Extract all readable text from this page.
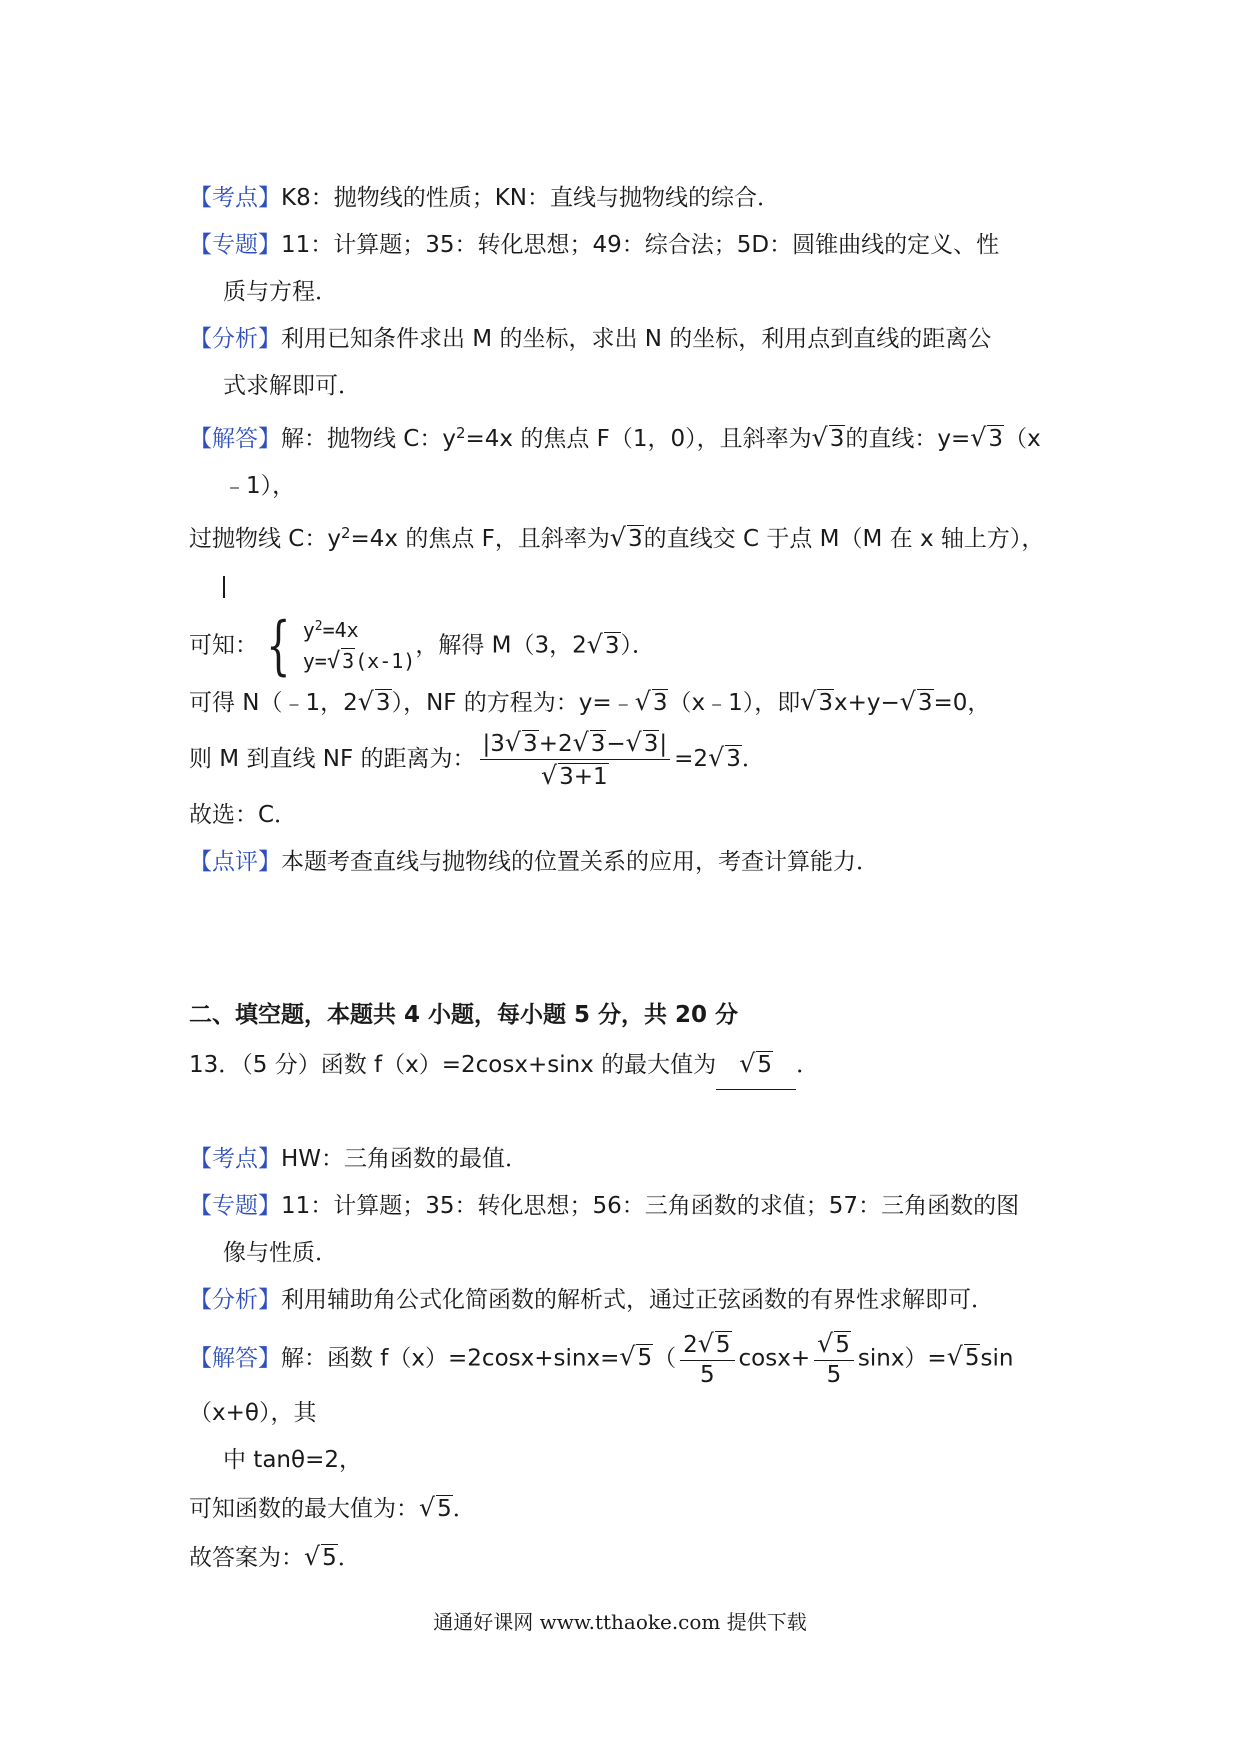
【考点】K8：抛物线的性质；KN：直线与抛物线的综合．
【专题】11：计算题；35：转化思想；49：综合法；5D：圆锥曲线的定义、性
质与方程．
【分析】利用已知条件求出 M 的坐标，求出 N 的坐标，利用点到直线的距离公
式求解即可．
【解答】解：抛物线 C：$y^2=4x$ 的焦点 F（1，0），且斜率为√3的直线：y=√3（x
﹣1），
过抛物线 C：$y^2=4x$ 的焦点 F，且斜率为√3的直线交 C 于点 M（M 在 x 轴上方），
可知： { $y^2=4x$
y=√ 3(x-1)
，解得 M（3，2√3）．
可得 N（﹣1，2√3），NF 的方程为：y=﹣√3（x﹣1），即√3x+y−√3=0，
则 M 到直线 NF 的距离为： $\frac{|3√3+2√3-√3|}{√3+1} =2√3$．
故选：C．
【点评】本题考查直线与抛物线的位置关系的应用，考查计算能力．
二、填空题，本题共 4 小题，每小题 5 分，共 20 分
13．（5 分）函数 f（x）=2cosx+sinx 的最大值为 √5 ．
【考点】HW：三角函数的最值．
【专题】11：计算题；35：转化思想；56：三角函数的求值；57：三角函数的图
像与性质．
【分析】利用辅助角公式化简函数的解析式，通过正弦函数的有界性求解即可．
【解答】解：函数 $f(x)=2\cos x+\sin x=√5( \frac{2√5}{5} \cos x+ \frac{√5}{5} \sin x)=√5\sin(x+\theta)$，其
中 tanθ=2，
可知函数的最大值为：√5．
故答案为：√5．
通通好课网 www.tthaoke.com 提供下载
